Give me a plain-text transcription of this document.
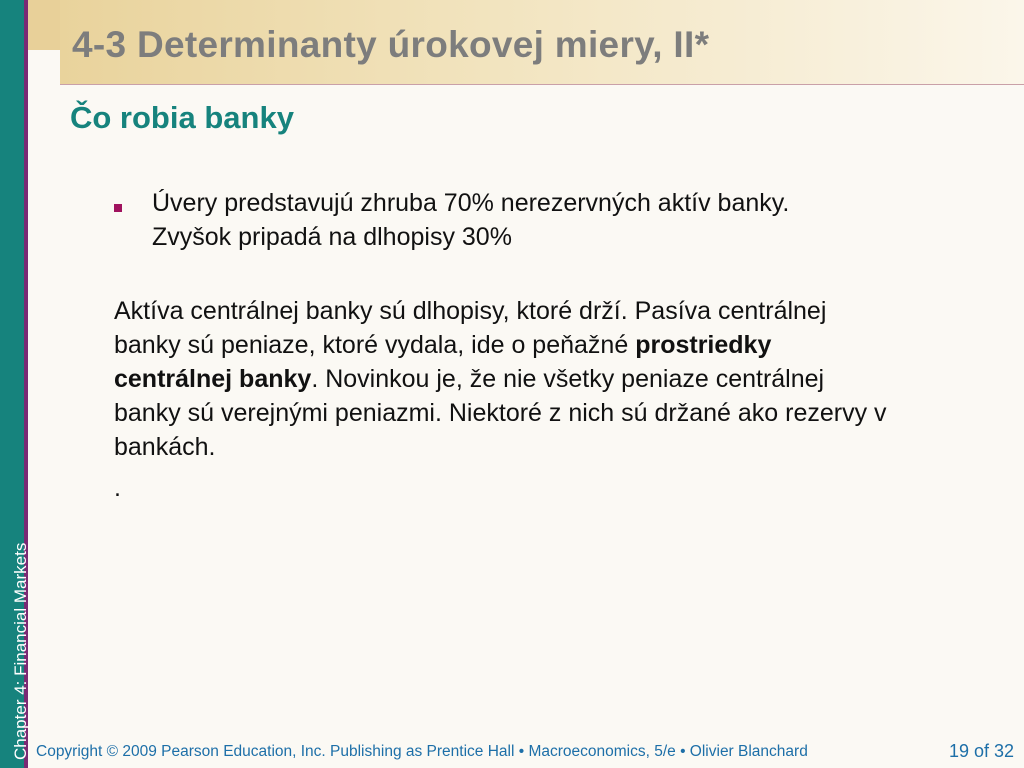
Chapter 4: Financial Markets
4-3 Determinanty úrokovej miery, II*
Čo robia banky
Úvery predstavujú zhruba 70% nerezervných aktív banky.
Zvyšok pripadá na dlhopisy 30%
Aktíva centrálnej banky sú dlhopisy, ktoré drží. Pasíva centrálnej banky sú peniaze, ktoré vydala, ide o peňažné prostriedky centrálnej banky. Novinkou je, že nie všetky peniaze centrálnej banky sú verejnými peniazmi. Niektoré z nich sú držané ako rezervy v bankách.
.
Copyright © 2009 Pearson Education, Inc. Publishing as Prentice Hall • Macroeconomics, 5/e • Olivier Blanchard	19 of 32
